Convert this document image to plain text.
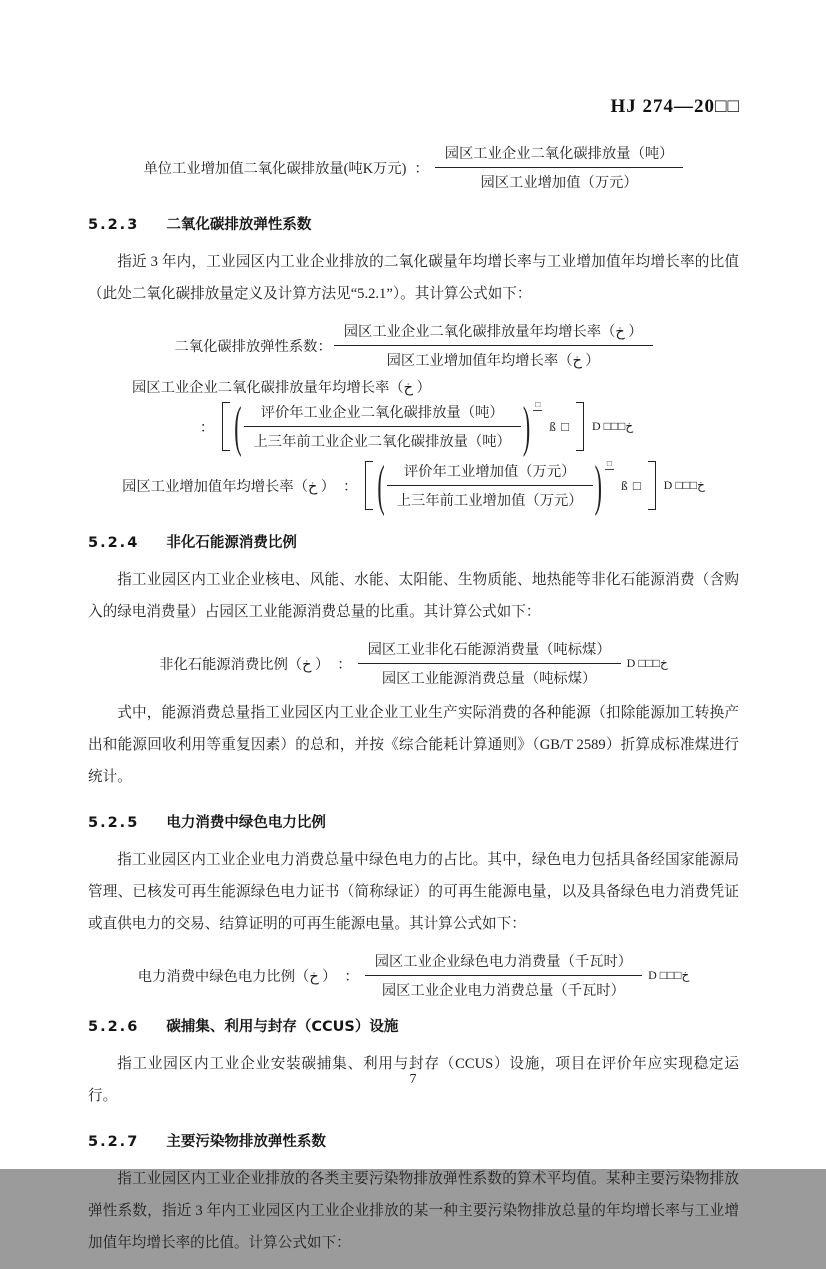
HJ 274—20□□
单位工业增加值二氧化碳排放量(吨K万元) ： $\frac{\text{园区工业企业二氧化碳排放量（吨）}}{\text{园区工业增加值（万元）}}$
5.2.3 二氧化碳排放弹性系数

指近 3 年内，工业园区内工业企业排放的二氧化碳量年均增长率与工业增加值年均增长率的比值（此处二氧化碳排放量定义及计算方法见“5.2.1”）。其计算公式如下：

二氧化碳排放弹性系数： $\frac{\text{园区工业企业二氧化碳排放量年均增长率（خ ）}}{\text{园区工业增加值年均增长率（خ ）}}$
园区工业企业二氧化碳排放量年均增长率（خ ）
： ( $\frac{\text{评价年工业企业二氧化碳排放量（吨）}}{\text{上三年前工业企业二氧化碳排放量（吨）}}$ ) □
ß □ D □□□خ
园区工业增加值年均增长率（خ ） ： ( $\frac{\text{评价年工业增加值（万元）}}{\text{上三年前工业增加值（万元）}}$ ) □
ß □ D □□□خ
5.2.4 非化石能源消费比例

指工业园区内工业企业核电、风能、水能、太阳能、生物质能、地热能等非化石能源消费（含购入的绿电消费量）占园区工业能源消费总量的比重。其计算公式如下：

非化石能源消费比例（خ ） ： $\frac{\text{园区工业非化石能源消费量（吨标煤）}}{\text{园区工业能源消费总量（吨标煤）}}$ D □□□خ

式中，能源消费总量指工业园区内工业企业工业生产实际消费的各种能源（扣除能源加工转换产出和能源回收利用等重复因素）的总和，并按《综合能耗计算通则》（GB/T 2589）折算成标准煤进行统计。

5.2.5 电力消费中绿色电力比例

指工业园区内工业企业电力消费总量中绿色电力的占比。其中，绿色电力包括具备经国家能源局管理、已核发可再生能源绿色电力证书（简称绿证）的可再生能源电量，以及具备绿色电力消费凭证或直供电力的交易、结算证明的可再生能源电量。其计算公式如下：

电力消费中绿色电力比例（خ ） ： $\frac{\text{园区工业企业绿色电力消费量（千瓦时）}}{\text{园区工业企业电力消费总量（千瓦时）}}$ D □□□خ
5.2.6 碳捕集、利用与封存（CCUS）设施

指工业园区内工业企业安装碳捕集、利用与封存（CCUS）设施，项目在评价年应实现稳定运行。

5.2.7 主要污染物排放弹性系数

指工业园区内工业企业排放的各类主要污染物排放弹性系数的算术平均值。某种主要污染物排放弹性系数，指近 3 年内工业园区内工业企业排放的某一种主要污染物排放总量的年均增长率与工业增加值年均增长率的比值。计算公式如下：

7
